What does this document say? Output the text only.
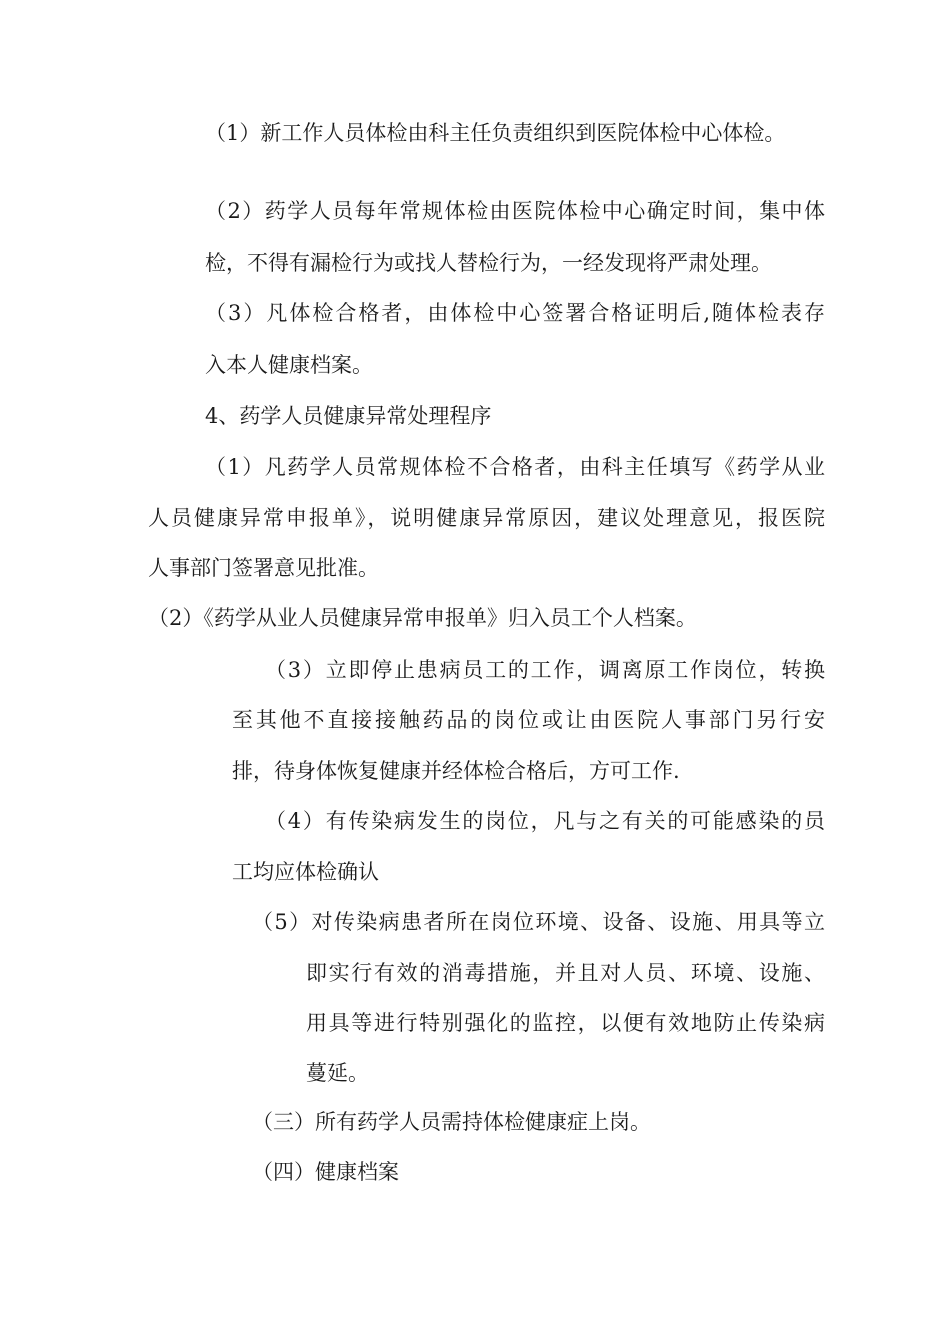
（1）新工作人员体检由科主任负责组织到医院体检中心体检。
（2）药学人员每年常规体检由医院体检中心确定时间，集中体
检，不得有漏检行为或找人替检行为，一经发现将严肃处理。
（3）凡体检合格者，由体检中心签署合格证明后,随体检表存
入本人健康档案。
4、药学人员健康异常处理程序
（1）凡药学人员常规体检不合格者，由科主任填写《药学从业
人员健康异常申报单》，说明健康异常原因，建议处理意见，报医院
人事部门签署意见批准。
（2）《药学从业人员健康异常申报单》归入员工个人档案。
（3）立即停止患病员工的工作，调离原工作岗位，转换
至其他不直接接触药品的岗位或让由医院人事部门另行安
排，待身体恢复健康并经体检合格后，方可工作.
（4）有传染病发生的岗位，凡与之有关的可能感染的员
工均应体检确认
（5）对传染病患者所在岗位环境、设备、设施、用具等立
即实行有效的消毒措施，并且对人员、环境、设施、
用具等进行特别强化的监控，以便有效地防止传染病
蔓延。
（三）所有药学人员需持体检健康症上岗。
（四）健康档案
